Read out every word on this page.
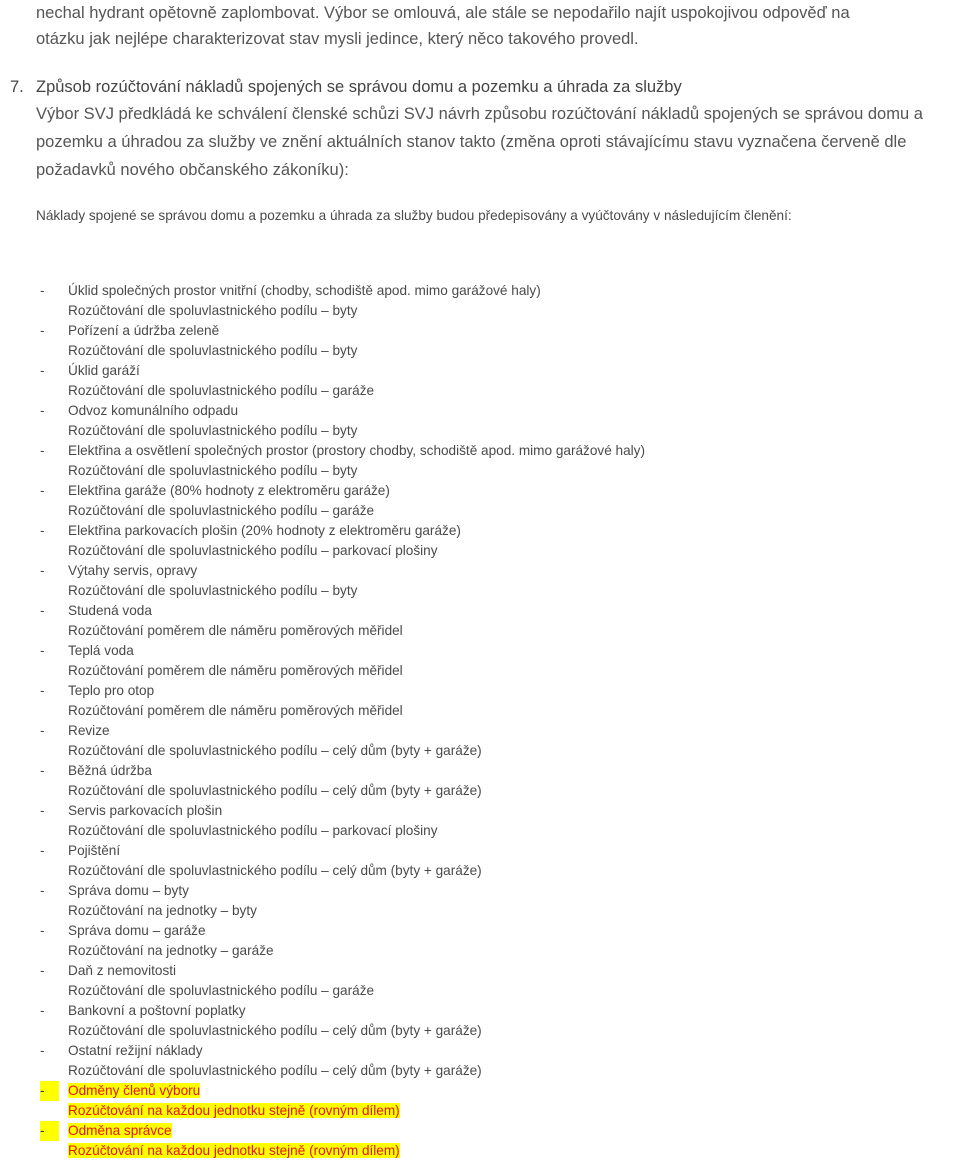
nechal hydrant opětovně zaplombovat. Výbor se omlouvá, ale stále se nepodařilo najít uspokojivou odpověď na
otázku jak nejlépe charakterizovat stav mysli jedince, který něco takového provedl.
7. Způsob rozúčtování nákladů spojených se správou domu a pozemku a úhrada za služby
Výbor SVJ předkládá ke schválení členské schůzi SVJ návrh způsobu rozúčtování nákladů spojených se správou domu a pozemku a úhradou za služby ve znění aktuálních stanov takto (změna oproti stávajícímu stavu vyznačena červeně dle požadavků nového občanského zákoníku):
Náklady spojené se správou domu a pozemku a úhrada za služby budou předepisovány a vyúčtovány v následujícím členění:
- Úklid společných prostor vnitřní (chodby, schodiště apod. mimo garážové haly)
Rozúčtování dle spoluvlastnického podílu – byty
- Pořízení a údržba zeleně
Rozúčtování dle spoluvlastnického podílu – byty
- Úklid garáží
Rozúčtování dle spoluvlastnického podílu – garáže
- Odvoz komunálního odpadu
Rozúčtování dle spoluvlastnického podílu – byty
- Elektřina a osvětlení společných prostor (prostory chodby, schodiště apod. mimo garážové haly)
Rozúčtování dle spoluvlastnického podílu – byty
- Elektřina garáže (80% hodnoty z elektroměru garáže)
Rozúčtování dle spoluvlastnického podílu – garáže
- Elektřina parkovacích plošin (20% hodnoty z elektroměru garáže)
Rozúčtování dle spoluvlastnického podílu – parkovací plošiny
- Výtahy servis, opravy
Rozúčtování dle spoluvlastnického podílu – byty
- Studená voda
Rozúčtování poměrem dle náměru poměrových měřidel
- Teplá voda
Rozúčtování poměrem dle náměru poměrových měřidel
- Teplo pro otop
Rozúčtování poměrem dle náměru poměrových měřidel
- Revize
Rozúčtování dle spoluvlastnického podílu – celý dům (byty + garáže)
- Běžná údržba
Rozúčtování dle spoluvlastnického podílu – celý dům (byty + garáže)
- Servis parkovacích plošin
Rozúčtování dle spoluvlastnického podílu – parkovací plošiny
- Pojištění
Rozúčtování dle spoluvlastnického podílu – celý dům (byty + garáže)
- Správa domu – byty
Rozúčtování na jednotky – byty
- Správa domu – garáže
Rozúčtování na jednotky – garáže
- Daň z nemovitosti
Rozúčtování dle spoluvlastnického podílu – garáže
- Bankovní a poštovní poplatky
Rozúčtování dle spoluvlastnického podílu – celý dům (byty + garáže)
- Ostatní režijní náklady
Rozúčtování dle spoluvlastnického podílu – celý dům (byty + garáže)
-	Odměny členů výboru
Rozúčtování na každou jednotku stejně (rovným dílem)
-	Odměna správce
Rozúčtování na každou jednotku stejně (rovným dílem)
